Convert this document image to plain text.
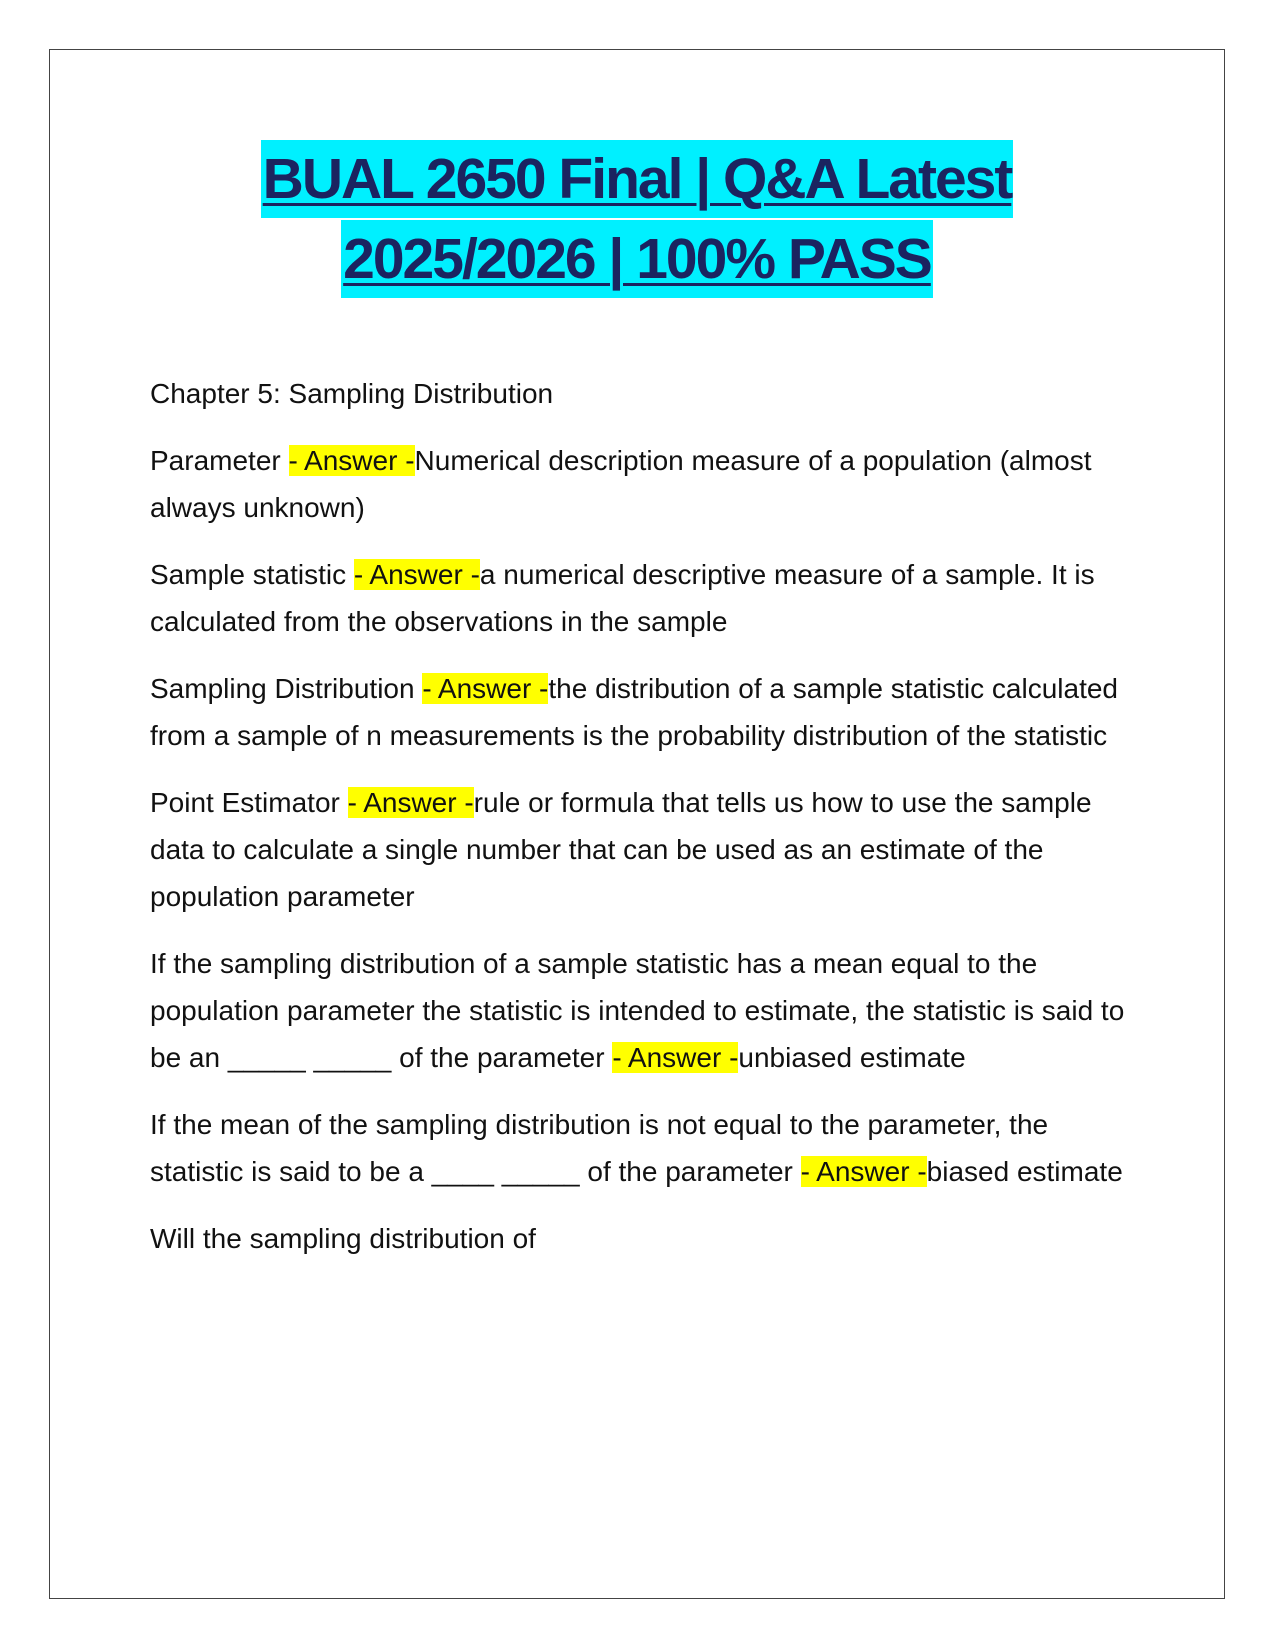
BUAL 2650 Final | Q&A Latest
2025/2026 | 100% PASS

Chapter 5: Sampling Distribution

Parameter - Answer -Numerical description measure of a population (almost always unknown)

Sample statistic - Answer -a numerical descriptive measure of a sample. It is calculated from the observations in the sample

Sampling Distribution - Answer -the distribution of a sample statistic calculated from a sample of n measurements is the probability distribution of the statistic

Point Estimator - Answer -rule or formula that tells us how to use the sample data to calculate a single number that can be used as an estimate of the population parameter

If the sampling distribution of a sample statistic has a mean equal to the population parameter the statistic is intended to estimate, the statistic is said to be an _____ _____ of the parameter - Answer -unbiased estimate

If the mean of the sampling distribution is not equal to the parameter, the statistic is said to be a ____ _____ of the parameter - Answer -biased estimate

Will the sampling distribution of
